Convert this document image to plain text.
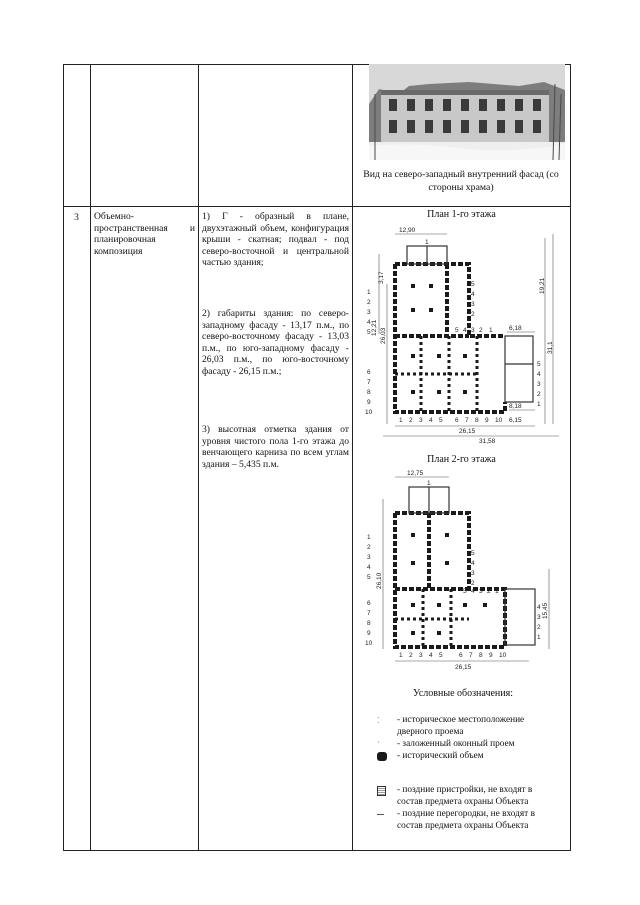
Вид на северо-западный внутренний фасад (со стороны храма)
3	Объемно-
пространственная и
планировочная
композиция
1) Г - образный в плане, двухэтажный объем, конфигурация крыши - скатная; подвал - под северо-восточной и центральной частью здания;
2) габариты здания: по северо-западному фасаду - 13,17 п.м., по северо-восточному фасаду - 13,03 п.м., по юго-западному фасаду - 26,03 п.м., по юго-восточному фасаду - 26,15 п.м.;
3) высотная отметка здания от уровня чистого пола 1-го этажа до венчающего карниза по всем углам здания – 5,435 п.м.
План 1-го этажа
12,90
12,21 26,03
19,21
31,1
3,17
6,18
8,18
6,15
26,15
31,58
1
1
2
3
4
5
6
7
8
9
10
5
4
3
2
5 4 3 2 1
5
4
3
2
1
1 2 3 4 5 6 7 8 9 10
План 2-го этажа
12,75
26,10
15,45
26,15
1
1
2
3
4
5
6
7
8
9
10
5
4
3
2
5 4 3 2 1
4
3
2
1
1 2 3 4 5	6 7 8 9 10
Условные обозначения:
⁚ - историческое местоположение
дверного проема
· - заложенный оконный проем
- исторический объем
- поздние пристройки, не входят в
состав предмета охраны Объекта
- поздние перегородки, не входят в
состав предмета охраны Объекта
